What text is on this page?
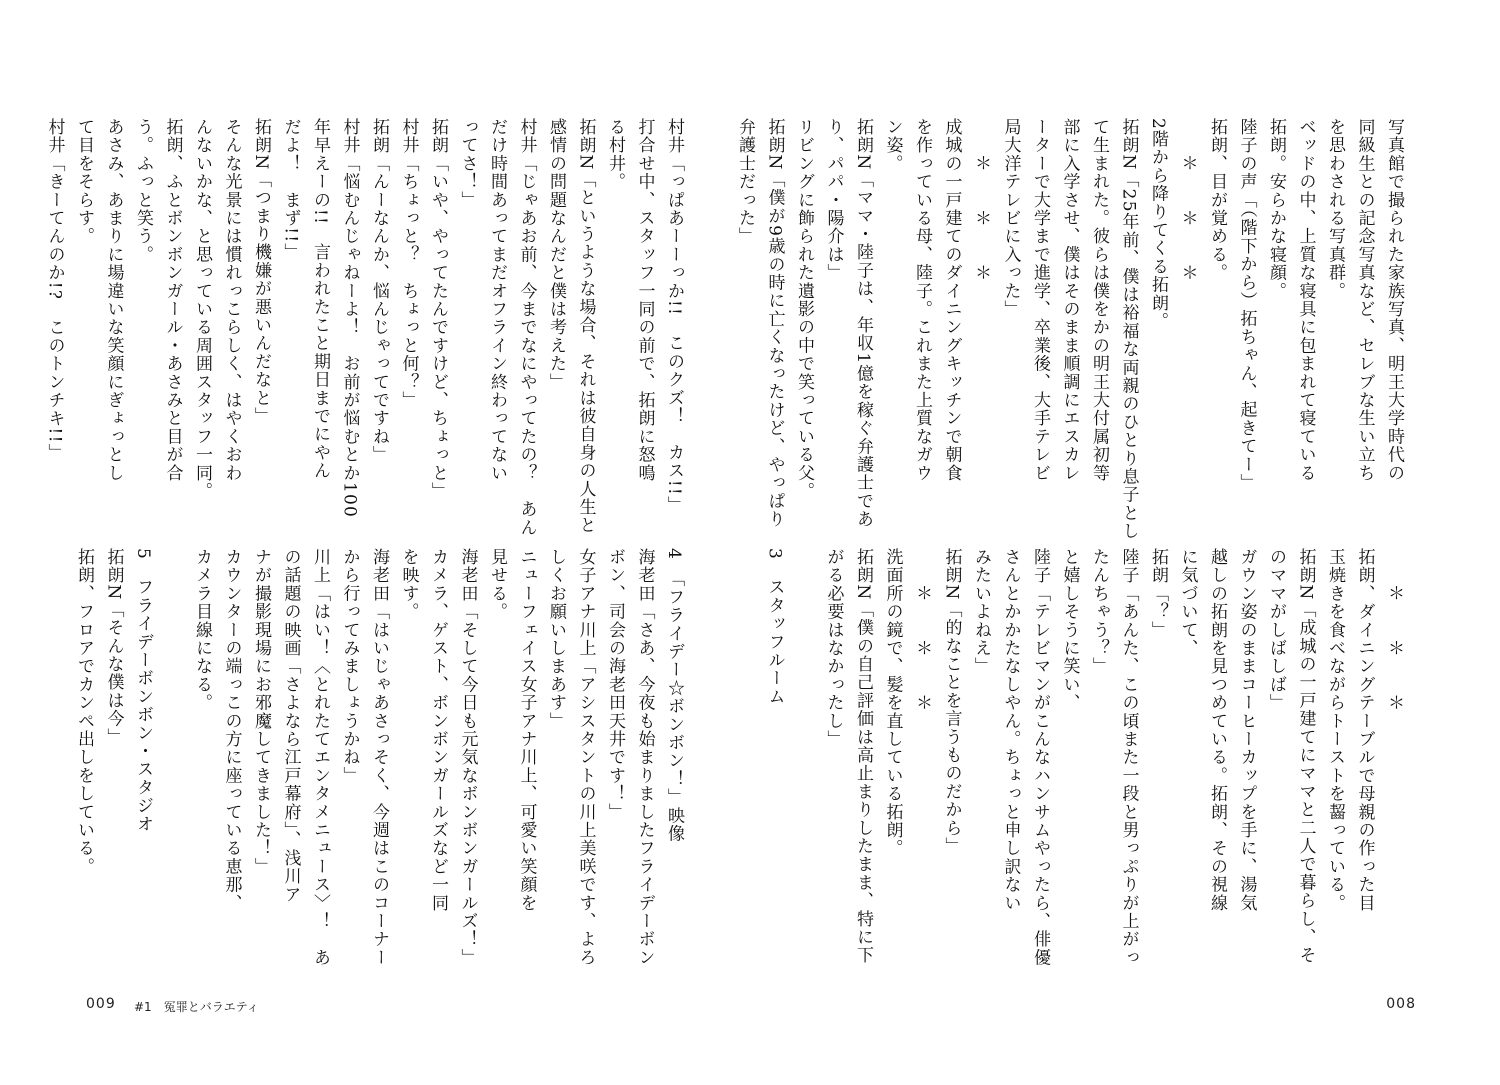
写真館で撮られた家族写真、明王大学時代の
同級生との記念写真など、セレブな生い立ち
を思わされる写真群。
ベッドの中、上質な寝具に包まれて寝ている
拓朗。安らかな寝顔。
陸子の声「（階下から）拓ちゃん、起きてー」
拓朗、目が覚める。
　　＊　　＊　　＊
2階から降りてくる拓朗。
拓朗N「25年前、僕は裕福な両親のひとり息子とし
て生まれた。彼らは僕をかの明王大付属初等
部に入学させ、僕はそのまま順調にエスカレ
ーターで大学まで進学、卒業後、大手テレビ
局大洋テレビに入った」
　　＊　　＊　　＊
成城の一戸建てのダイニングキッチンで朝食
を作っている母、陸子。これまた上質なガウ
ン姿。
拓朗N「ママ・陸子は、年収1億を稼ぐ弁護士であ
り、パパ・陽介は」
リビングに飾られた遺影の中で笑っている父。
拓朗N「僕が9歳の時に亡くなったけど、やっぱり
弁護士だった」
　　＊　　＊　　＊
拓朗、ダイニングテーブルで母親の作った目
玉焼きを食べながらトーストを齧っている。
拓朗N「成城の一戸建てにママと二人で暮らし、そ
のママがしばしば」
ガウン姿のままコーヒーカップを手に、湯気
越しの拓朗を見つめている。拓朗、その視線
に気づいて、
拓朗「？」
陸子「あんた、この頃また一段と男っぷりが上がっ
たんちゃう？」
と嬉しそうに笑い、
陸子「テレビマンがこんなハンサムやったら、俳優
さんとかかたなしやん。ちょっと申し訳ない
みたいよねえ」
拓朗N「的なことを言うものだから」
　　＊　　＊　　＊
洗面所の鏡で、髪を直している拓朗。
拓朗N「僕の自己評価は高止まりしたまま、特に下
がる必要はなかったし」

3　スタッフルーム
008
村井「っぱあーーっか!!　このクズ！　カス!!」
打合せ中、スタッフ一同の前で、拓朗に怒鳴
る村井。
拓朗N「というような場合、それは彼自身の人生と
感情の問題なんだと僕は考えた」
村井「じゃあお前、今までなにやってたの？　あん
だけ時間あってまだオフライン終わってない
ってさ！」
拓朗「いや、やってたんですけど、ちょっと」
村井「ちょっと？　ちょっと何？」
拓朗「んーなんか、悩んじゃってですね」
村井「悩むんじゃねーよ！　お前が悩むとか100
年早えーの!!　言われたこと期日までにやん
だよ！　まず!!」
拓朗N「つまり機嫌が悪いんだなと」
そんな光景には慣れっこらしく、はやくおわ
んないかな、と思っている周囲スタッフ一同。
拓朗、ふとボンボンガール・あさみと目が合
う。ふっと笑う。
あさみ、あまりに場違いな笑顔にぎょっとし
て目をそらす。
村井「きーてんのか!?　このトンチキ!!」
4　「フライデー☆ボンボン！」映像
海老田「さあ、今夜も始まりましたフライデーボン
ボン、司会の海老田天井です！」
女子アナ川上「アシスタントの川上美咲です、よろ
しくお願いしまあす」
ニューフェイス女子アナ川上、可愛い笑顔を
見せる。
海老田「そして今日も元気なボンボンガールズ！」
カメラ、ゲスト、ボンボンガールズなど一同
を映す。
海老田「はいじゃあさっそく、今週はこのコーナー
から行ってみましょうかね」
川上「はい！〈とれたてエンタメニュース〉！　あ
の話題の映画「さよなら江戸幕府」、浅川ア
ナが撮影現場にお邪魔してきました！」
カウンターの端っこの方に座っている恵那、
カメラ目線になる。

5　フライデーボンボン・スタジオ
拓朗N「そんな僕は今」
拓朗、フロアでカンペ出しをしている。
009 #1　冤罪とバラエティ
